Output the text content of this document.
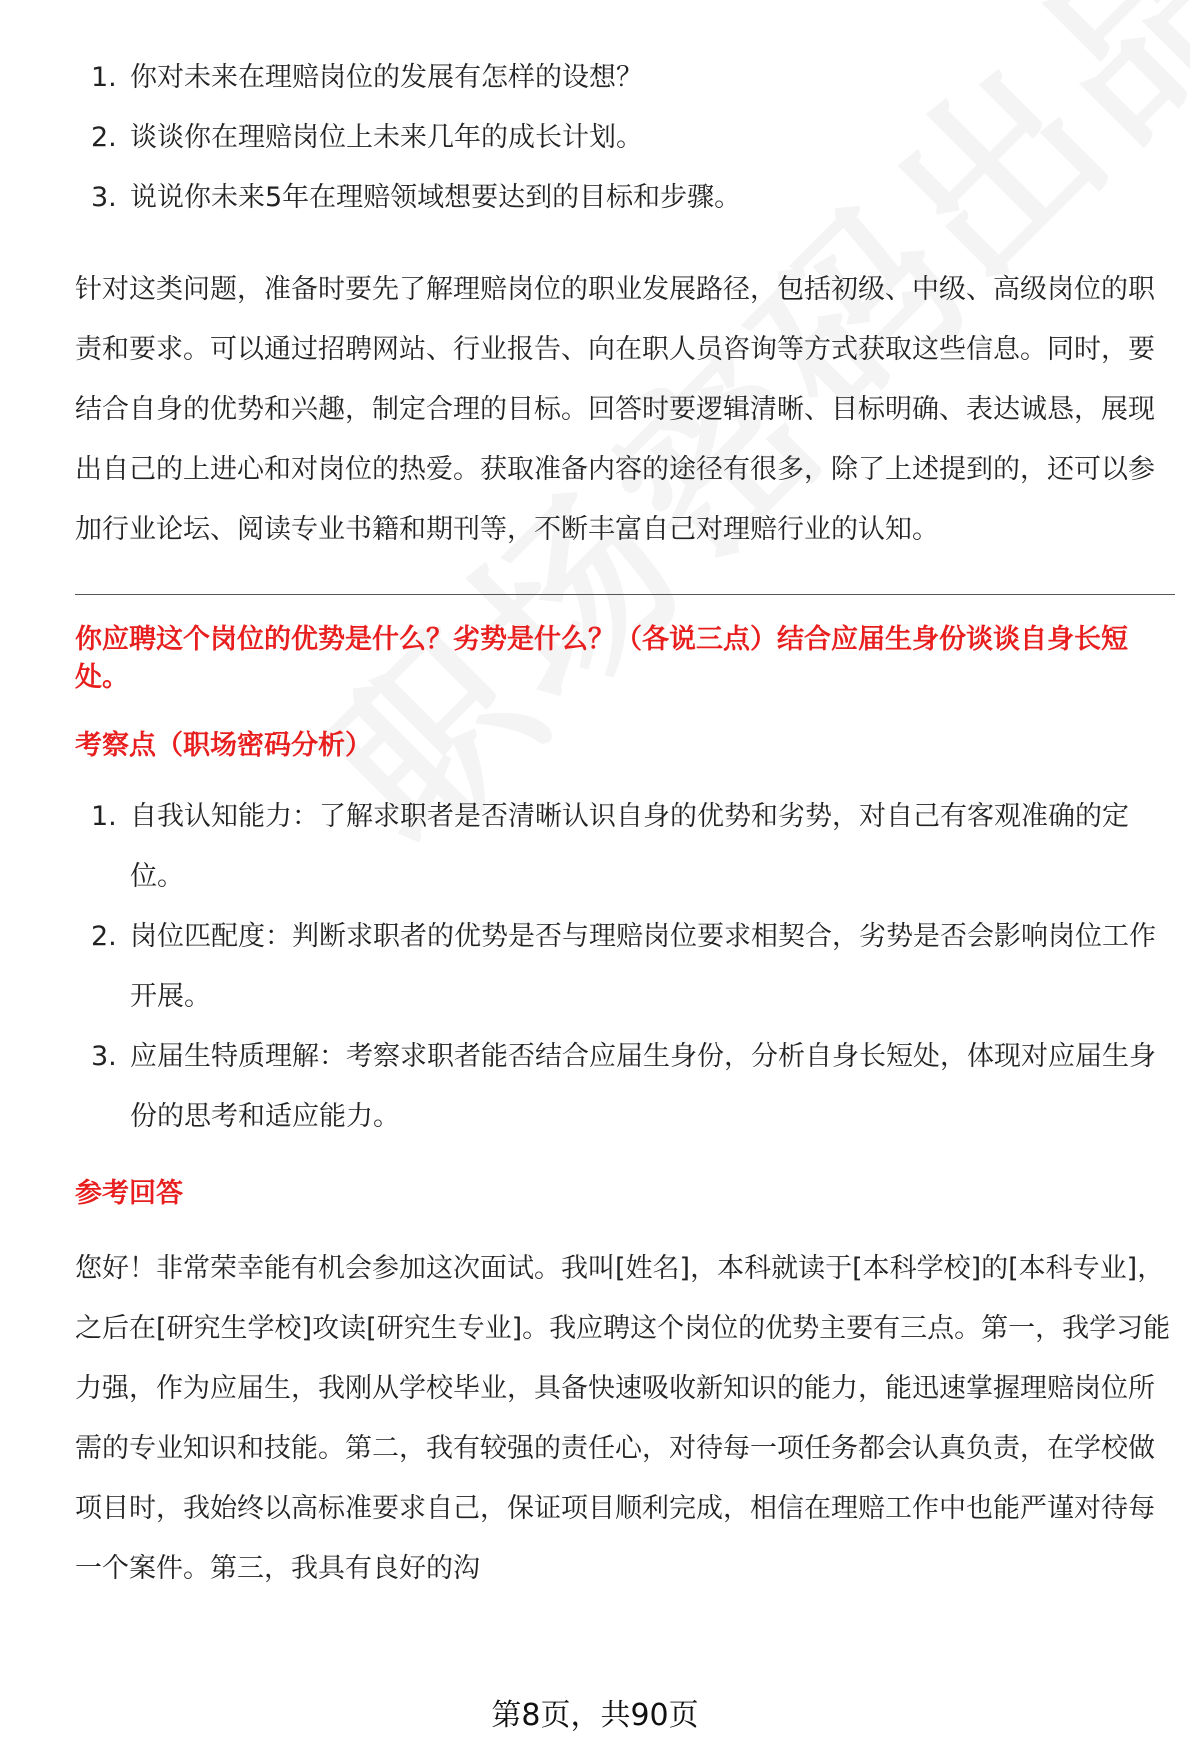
1. 你对未来在理赔岗位的发展有怎样的设想？
2. 谈谈你在理赔岗位上未来几年的成长计划。
3. 说说你未来5年在理赔领域想要达到的目标和步骤。

针对这类问题，准备时要先了解理赔岗位的职业发展路径，包括初级、中级、高级岗位的职责和要求。可以通过招聘网站、行业报告、向在职人员咨询等方式获取这些信息。同时，要结合自身的优势和兴趣，制定合理的目标。回答时要逻辑清晰、目标明确、表达诚恳，展现出自己的上进心和对岗位的热爱。获取准备内容的途径有很多，除了上述提到的，还可以参加行业论坛、阅读专业书籍和期刊等，不断丰富自己对理赔行业的认知。

你应聘这个岗位的优势是什么？劣势是什么？（各说三点）结合应届生身份谈谈自身长短处。
考察点（职场密码分析）
1. 自我认知能力：了解求职者是否清晰认识自身的优势和劣势，对自己有客观准确的定位。
2. 岗位匹配度：判断求职者的优势是否与理赔岗位要求相契合，劣势是否会影响岗位工作开展。
3. 应届生特质理解：考察求职者能否结合应届生身份，分析自身长短处，体现对应届生身份的思考和适应能力。
参考回答

您好！非常荣幸能有机会参加这次面试。我叫[姓名]，本科就读于[本科学校]的[本科专业]，之后在[研究生学校]攻读[研究生专业]。我应聘这个岗位的优势主要有三点。第一，我学习能力强，作为应届生，我刚从学校毕业，具备快速吸收新知识的能力，能迅速掌握理赔岗位所需的专业知识和技能。第二，我有较强的责任心，对待每一项任务都会认真负责，在学校做项目时，我始终以高标准要求自己，保证项目顺利完成，相信在理赔工作中也能严谨对待每一个案件。第三，我具有良好的沟

第8页，共90页
